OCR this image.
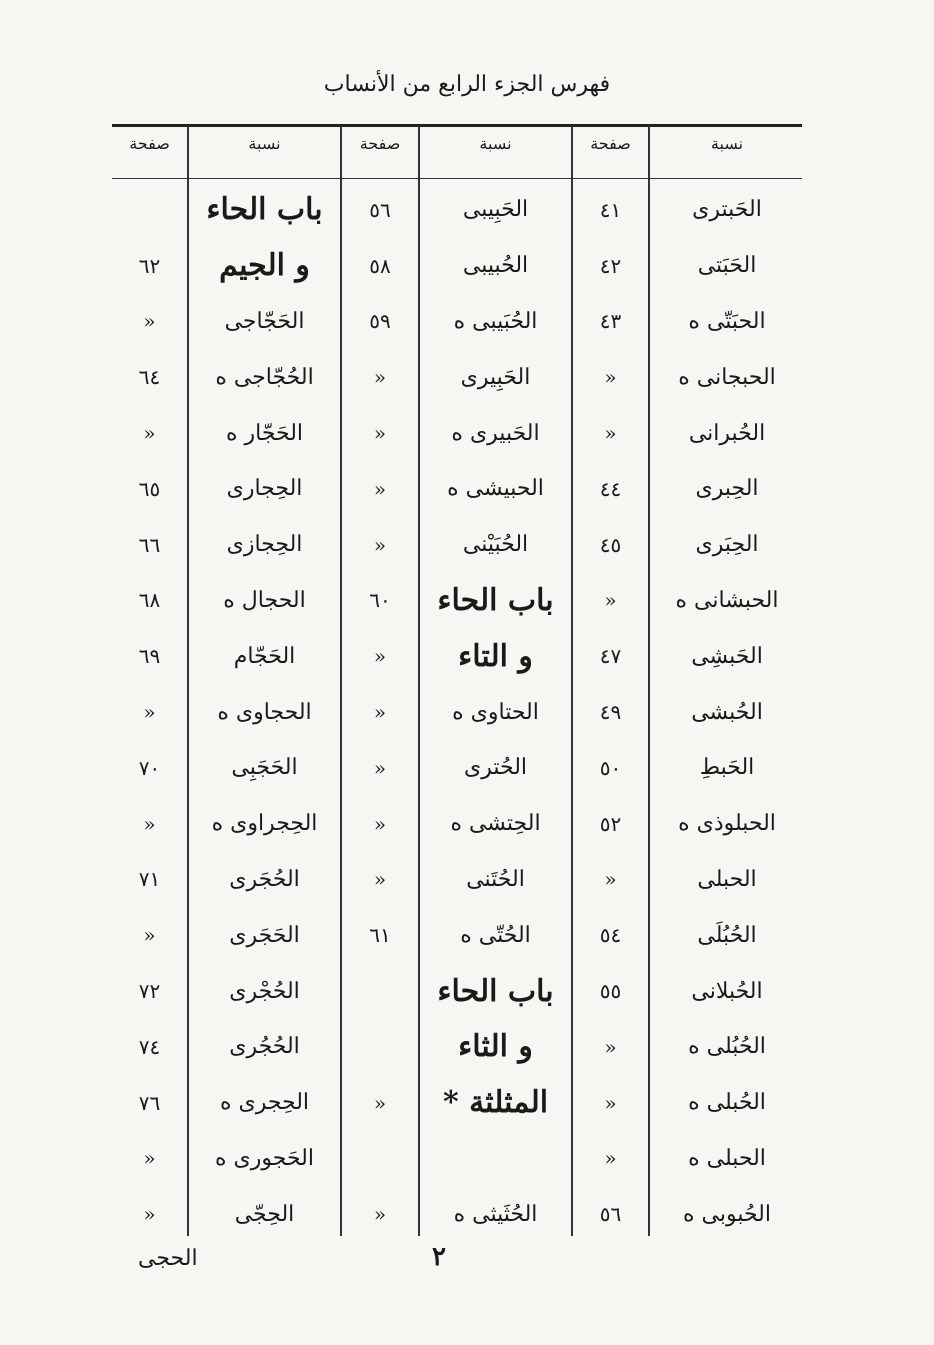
فهرس الجزء الرابع من الأنساب
نسبة
صفحة
نسبة
صفحة
نسبة
صفحة
الحَبترى
الحَبَتى
الحبَتّى ه
الحبجانى ه
الحُبرانى
الحِبرى
الحِبَرى
الحبشانى ه
الحَبشِى
الحُبشى
الحَبطِ
الحبلوذى ه
الحبلى
الحُبُلَى
الحُبلانى
الحُبُلى ه
الحُبلى ه
الحبلى ه
الحُبوبى ه
٤١
٤٢
٤٣
«
«
٤٤
٤٥
«
٤٧
٤٩
٥٠
٥٢
«
٥٤
٥٥
«
«
«
٥٦
الحَبِيبى
الحُبيبى
الحُبَيبى ه
الحَبِيرى
الحَبيرى ه
الحبيشى ه
الحُبَيْنى
باب الحاء
و التاء
الحتاوى ه
الحُترى
الحِتشى ه
الحُتَنى
الحُتّى ه
باب الحاء
و الثاء
المثلثة *
الحُثَيثى ه
٥٦
٥٨
٥٩
«
«
«
«
٦٠
«
«
«
«
«
٦١
«
«
باب الحاء
و الجيم
الحَجّاجى
الحُجّاجى ه
الحَجّار ه
الحِجارى
الحِجازى
الحجال ه
الحَجّام
الحجاوى ه
الحَجَبِى
الحِجراوى ه
الحُجَرى
الحَجَرى
الحُجْرى
الحُجُرى
الحِجرى ه
الحَجورى ه
الحِجّى
٦٢
«
٦٤
«
٦٥
٦٦
٦٨
٦٩
«
٧٠
«
٧١
«
٧٢
٧٤
٧٦
«
«
الحجى	٢
